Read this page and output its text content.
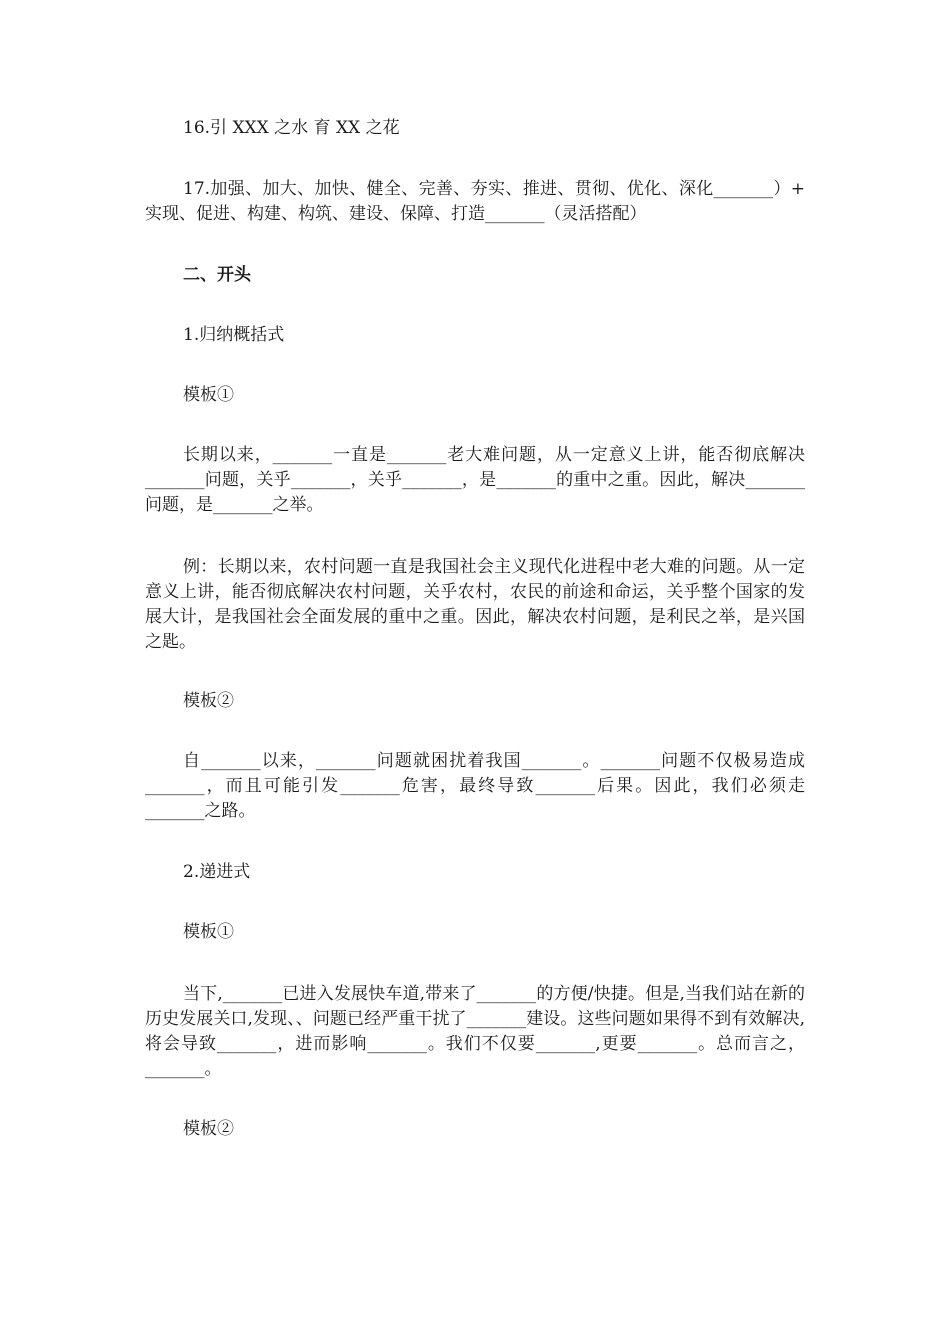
16.引 XXX 之水 育 XX 之花

17.加强、加大、加快、健全、完善、夯实、推进、贯彻、优化、深化_______）+ 实现、促进、构建、构筑、建设、保障、打造_______（灵活搭配）

二、开头

1.归纳概括式

模板①

长期以来，_______一直是_______老大难问题，从一定意义上讲，能否彻底解决_______问题，关乎_______，关乎_______，是_______的重中之重。因此，解决_______问题，是_______之举。

例：长期以来，农村问题一直是我国社会主义现代化进程中老大难的问题。从一定意义上讲，能否彻底解决农村问题，关乎农村，农民的前途和命运，关乎整个国家的发展大计，是我国社会全面发展的重中之重。因此，解决农村问题，是利民之举，是兴国之匙。

模板②

自_______以来，_______问题就困扰着我国_______。_______问题不仅极易造成_______，而且可能引发_______危害，最终导致_______后果。因此，我们必须走_______之路。

2.递进式

模板①

当下,_______已进入发展快车道,带来了_______的方便/快捷。但是,当我们站在新的历史发展关口,发现、、问题已经严重干扰了_______建设。这些问题如果得不到有效解决,将会导致_______，进而影响_______。我们不仅要_______,更要_______。总而言之，_______。

模板②
